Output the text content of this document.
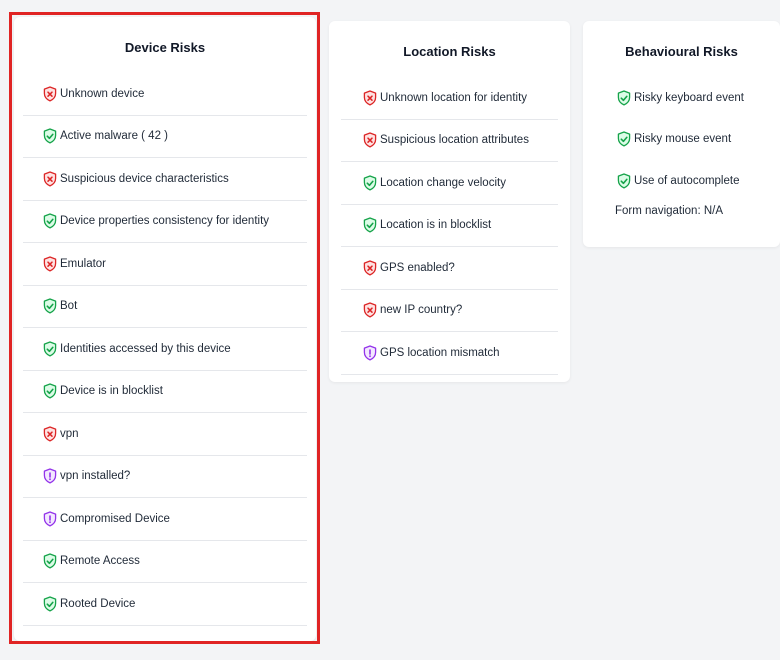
Device Risks
Unknown device
Active malware ( 42 )
Suspicious device characteristics
Device properties consistency for identity
Emulator
Bot
Identities accessed by this device
Device is in blocklist
vpn
vpn installed?
Compromised Device
Remote Access
Rooted Device
Location Risks
Unknown location for identity
Suspicious location attributes
Location change velocity
Location is in blocklist
GPS enabled?
new IP country?
GPS location mismatch
Behavioural Risks
Risky keyboard event
Risky mouse event
Use of autocomplete
Form navigation: N/A
